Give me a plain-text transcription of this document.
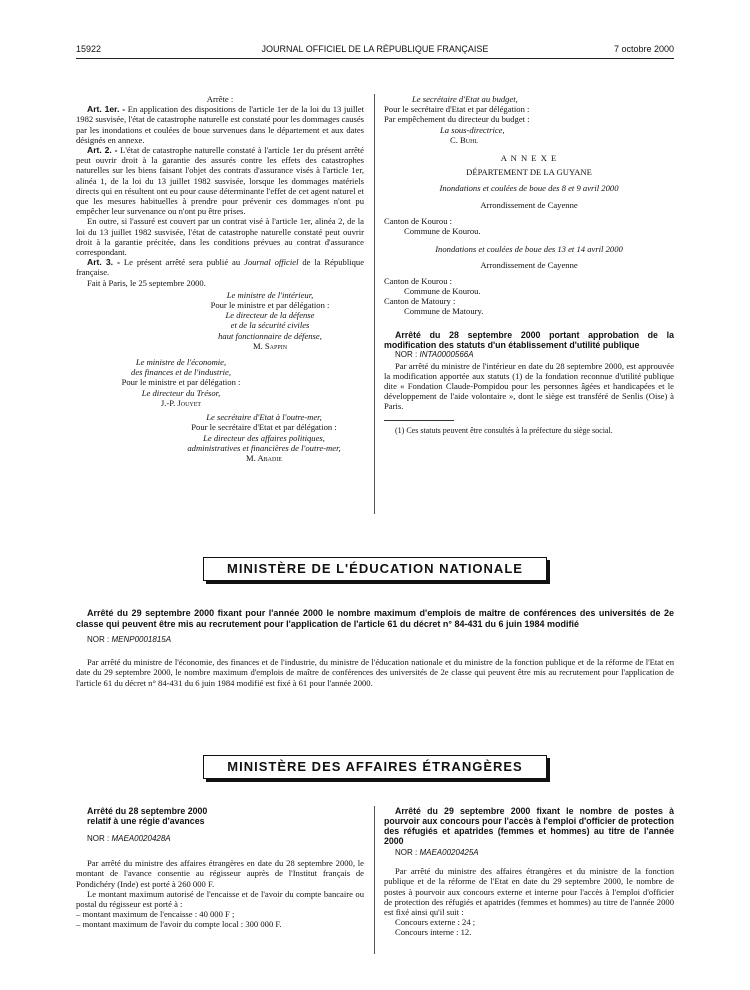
15922	JOURNAL OFFICIEL DE LA RÉPUBLIQUE FRANÇAISE	7 octobre 2000

Arrête :

Art. 1er. - En application des dispositions de l'article 1er de la loi du 13 juillet 1982 susvisée, l'état de catastrophe naturelle est constaté pour les dommages causés par les inondations et coulées de boue survenues dans le département et aux dates désignés en annexe.

Art. 2. - L'état de catastrophe naturelle constaté à l'article 1er du présent arrêté peut ouvrir droit à la garantie des assurés contre les effets des catastrophes naturelles sur les biens faisant l'objet des contrats d'assurance visés à l'article 1er, alinéa 1, de la loi du 13 juillet 1982 susvisée, lorsque les dommages matériels directs qui en résultent ont eu pour cause déterminante l'effet de cet agent naturel et que les mesures habituelles à prendre pour prévenir ces dommages n'ont pu empêcher leur survenance ou n'ont pu être prises.

En outre, si l'assuré est couvert par un contrat visé à l'article 1er, alinéa 2, de la loi du 13 juillet 1982 susvisée, l'état de catastrophe naturelle constaté peut ouvrir droit à la garantie précitée, dans les conditions prévues au contrat d'assurance correspondant.

Art. 3. - Le présent arrêté sera publié au Journal officiel de la République française.

Fait à Paris, le 25 septembre 2000.

Le ministre de l'intérieur,

Pour le ministre et par délégation :

Le directeur de la défense

et de la sécurité civiles

haut fonctionnaire de défense,

M. Sappin

Le ministre de l'économie,

des finances et de l'industrie,

Pour le ministre et par délégation :

Le directeur du Trésor,

J.-P. Jouyet

Le secrétaire d'Etat à l'outre-mer,

Pour le secrétaire d'Etat et par délégation :

Le directeur des affaires politiques,

administratives et financières de l'outre-mer,

M. Abadie

Le secrétaire d'Etat au budget,

Pour le secrétaire d'Etat et par délégation :

Par empêchement du directeur du budget :

La sous-directrice,

C. Buhl

A N N E X E

DÉPARTEMENT DE LA GUYANE

Inondations et coulées de boue des 8 et 9 avril 2000

Arrondissement de Cayenne

Canton de Kourou :

Commune de Kourou.

Inondations et coulées de boue des 13 et 14 avril 2000

Arrondissement de Cayenne

Canton de Kourou :

Commune de Kourou.

Canton de Matoury :

Commune de Matoury.

Arrêté du 28 septembre 2000 portant approbation de la modification des statuts d'un établissement d'utilité publique

NOR : INTA0000566A

Par arrêté du ministre de l'intérieur en date du 28 septembre 2000, est approuvée la modification apportée aux statuts (1) de la fondation reconnue d'utilité publique dite « Fondation Claude-Pompidou pour les personnes âgées et handicapées et le développement de l'aide volontaire », dont le siège est transféré de Senlis (Oise) à Paris.

(1) Ces statuts peuvent être consultés à la préfecture du siège social.

MINISTÈRE DE L'ÉDUCATION NATIONALE

Arrêté du 29 septembre 2000 fixant pour l'année 2000 le nombre maximum d'emplois de maître de conférences des universités de 2e classe qui peuvent être mis au recrutement pour l'application de l'article 61 du décret n° 84-431 du 6 juin 1984 modifié

NOR : MENP0001815A

Par arrêté du ministre de l'économie, des finances et de l'industrie, du ministre de l'éducation nationale et du ministre de la fonction publique et de la réforme de l'Etat en date du 29 septembre 2000, le nombre maximum d'emplois de maître de conférences des universités de 2e classe qui peuvent être mis au recrutement pour l'application de l'article 61 du décret n° 84-431 du 6 juin 1984 modifié est fixé à 61 pour l'année 2000.

MINISTÈRE DES AFFAIRES ÉTRANGÈRES

Arrêté du 28 septembre 2000

relatif à une régie d'avances

NOR : MAEA0020428A

Par arrêté du ministre des affaires étrangères en date du 28 septembre 2000, le montant de l'avance consentie au régisseur auprès de l'Institut français de Pondichéry (Inde) est porté à 260 000 F.

Le montant maximum autorisé de l'encaisse et de l'avoir du compte bancaire ou postal du régisseur est porté à :

– montant maximum de l'encaisse : 40 000 F ;

– montant maximum de l'avoir du compte local : 300 000 F.

Arrêté du 29 septembre 2000 fixant le nombre de postes à pourvoir aux concours pour l'accès à l'emploi d'officier de protection des réfugiés et apatrides (femmes et hommes) au titre de l'année 2000

NOR : MAEA0020425A

Par arrêté du ministre des affaires étrangères et du ministre de la fonction publique et de la réforme de l'Etat en date du 29 septembre 2000, le nombre de postes à pourvoir aux concours externe et interne pour l'accès à l'emploi d'officier de protection des réfugiés et apatrides (femmes et hommes) au titre de l'année 2000 est fixé ainsi qu'il suit :

Concours externe : 24 ;

Concours interne : 12.
